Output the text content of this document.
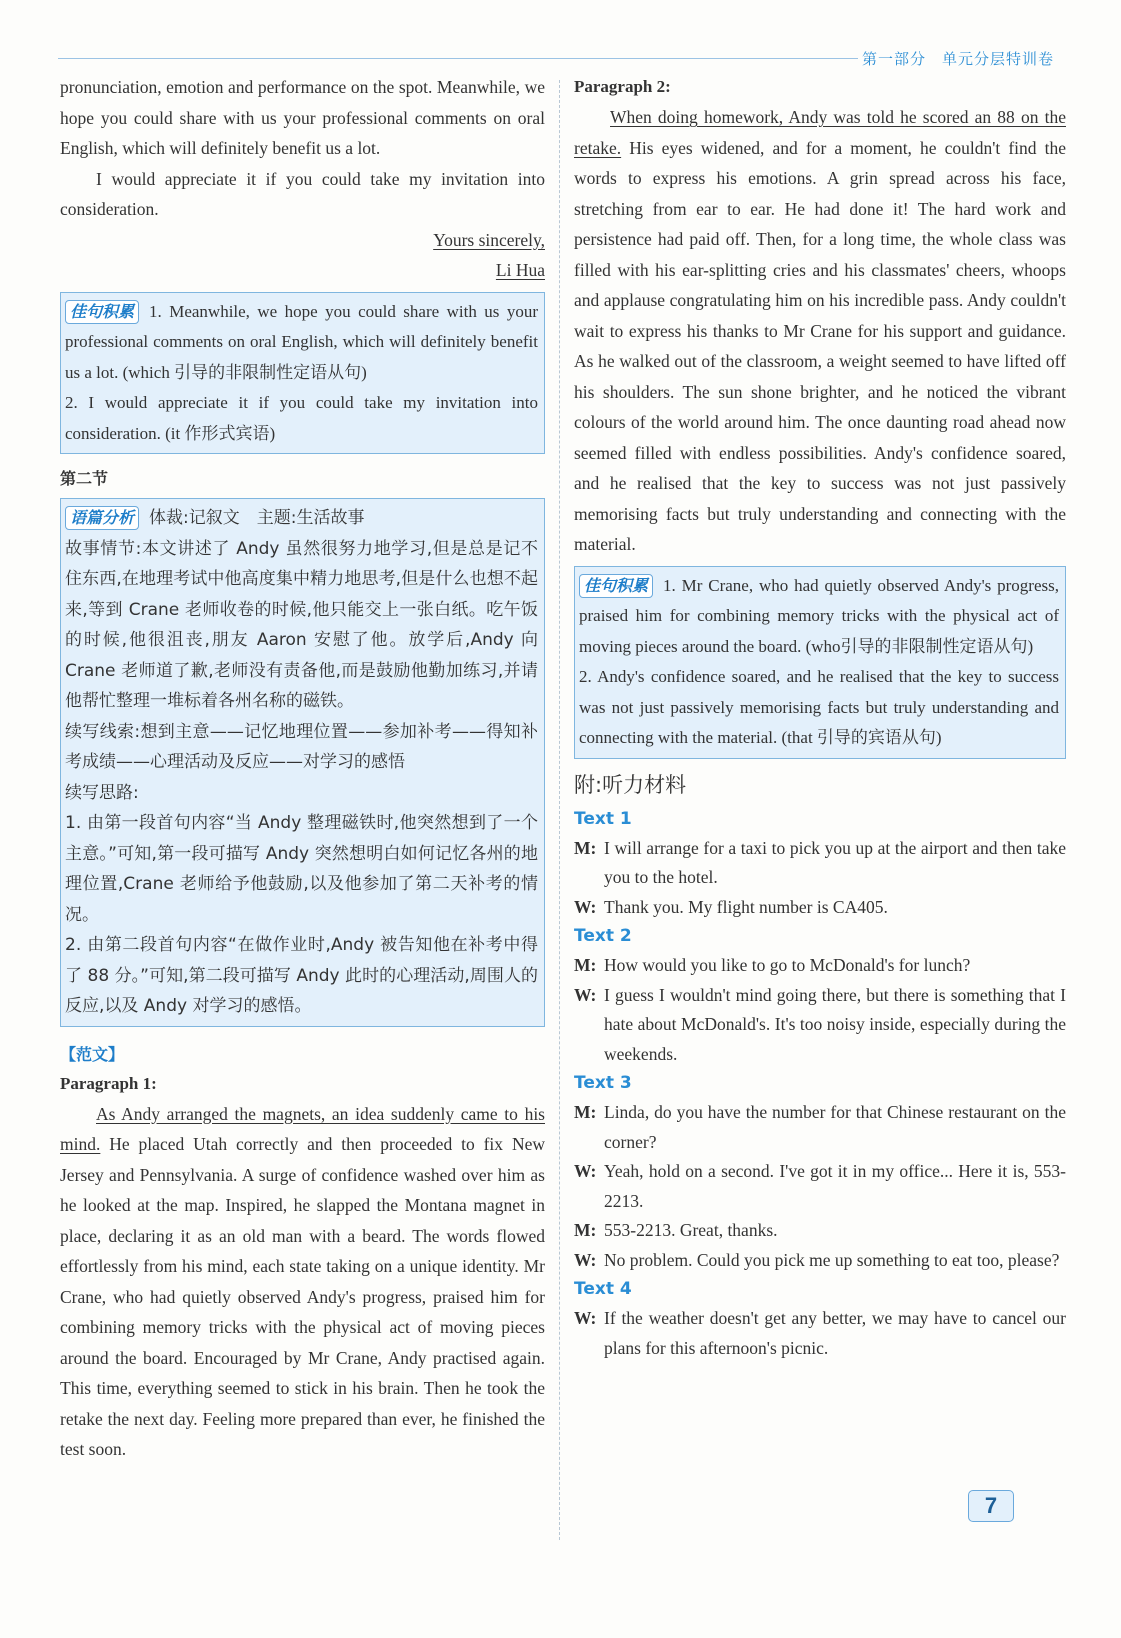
第一部分　单元分层特训卷

pronunciation, emotion and performance on the spot. Meanwhile, we hope you could share with us your professional comments on oral English, which will definitely benefit us a lot.

I would appreciate it if you could take my invitation into consideration.

Yours sincerely,

Li Hua

佳句积累 1. Meanwhile, we hope you could share with us your professional comments on oral English, which will definitely benefit us a lot. (which 引导的非限制性定语从句)

2. I would appreciate it if you could take my invitation into consideration. (it 作形式宾语)

第二节

语篇分析 体裁:记叙文　主题:生活故事

故事情节:本文讲述了 Andy 虽然很努力地学习,但是总是记不住东西,在地理考试中他高度集中精力地思考,但是什么也想不起来,等到 Crane 老师收卷的时候,他只能交上一张白纸。吃午饭的时候,他很沮丧,朋友 Aaron 安慰了他。放学后,Andy 向 Crane 老师道了歉,老师没有责备他,而是鼓励他勤加练习,并请他帮忙整理一堆标着各州名称的磁铁。

续写线索:想到主意——记忆地理位置——参加补考——得知补考成绩——心理活动及反应——对学习的感悟

续写思路:

1. 由第一段首句内容“当 Andy 整理磁铁时,他突然想到了一个主意。”可知,第一段可描写 Andy 突然想明白如何记忆各州的地理位置,Crane 老师给予他鼓励,以及他参加了第二天补考的情况。

2. 由第二段首句内容“在做作业时,Andy 被告知他在补考中得了 88 分。”可知,第二段可描写 Andy 此时的心理活动,周围人的反应,以及 Andy 对学习的感悟。

【范文】
Paragraph 1:

As Andy arranged the magnets, an idea suddenly came to his mind. He placed Utah correctly and then proceeded to fix New Jersey and Pennsylvania. A surge of confidence washed over him as he looked at the map. Inspired, he slapped the Montana magnet in place, declaring it as an old man with a beard. The words flowed effortlessly from his mind, each state taking on a unique identity. Mr Crane, who had quietly observed Andy's progress, praised him for combining memory tricks with the physical act of moving pieces around the board. Encouraged by Mr Crane, Andy practised again. This time, everything seemed to stick in his brain. Then he took the retake the next day. Feeling more prepared than ever, he finished the test soon.

Paragraph 2:

When doing homework, Andy was told he scored an 88 on the retake. His eyes widened, and for a moment, he couldn't find the words to express his emotions. A grin spread across his face, stretching from ear to ear. He had done it! The hard work and persistence had paid off. Then, for a long time, the whole class was filled with his ear-splitting cries and his classmates' cheers, whoops and applause congratulating him on his incredible pass. Andy couldn't wait to express his thanks to Mr Crane for his support and guidance. As he walked out of the classroom, a weight seemed to have lifted off his shoulders. The sun shone brighter, and he noticed the vibrant colours of the world around him. The once daunting road ahead now seemed filled with endless possibilities. Andy's confidence soared, and he realised that the key to success was not just passively memorising facts but truly understanding and connecting with the material.

佳句积累 1. Mr Crane, who had quietly observed Andy's progress, praised him for combining memory tricks with the physical act of moving pieces around the board. (who引导的非限制性定语从句)

2. Andy's confidence soared, and he realised that the key to success was not just passively memorising facts but truly understanding and connecting with the material. (that 引导的宾语从句)

附:听力材料
Text 1
M: I will arrange for a taxi to pick you up at the airport and then take you to the hotel.
W: Thank you. My flight number is CA405.
Text 2
M: How would you like to go to McDonald's for lunch?
W: I guess I wouldn't mind going there, but there is something that I hate about McDonald's. It's too noisy inside, especially during the weekends.
Text 3
M: Linda, do you have the number for that Chinese restaurant on the corner?
W: Yeah, hold on a second. I've got it in my office... Here it is, 553-2213.
M: 553-2213. Great, thanks.
W: No problem. Could you pick me up something to eat too, please?
Text 4
W: If the weather doesn't get any better, we may have to cancel our plans for this afternoon's picnic.
7
